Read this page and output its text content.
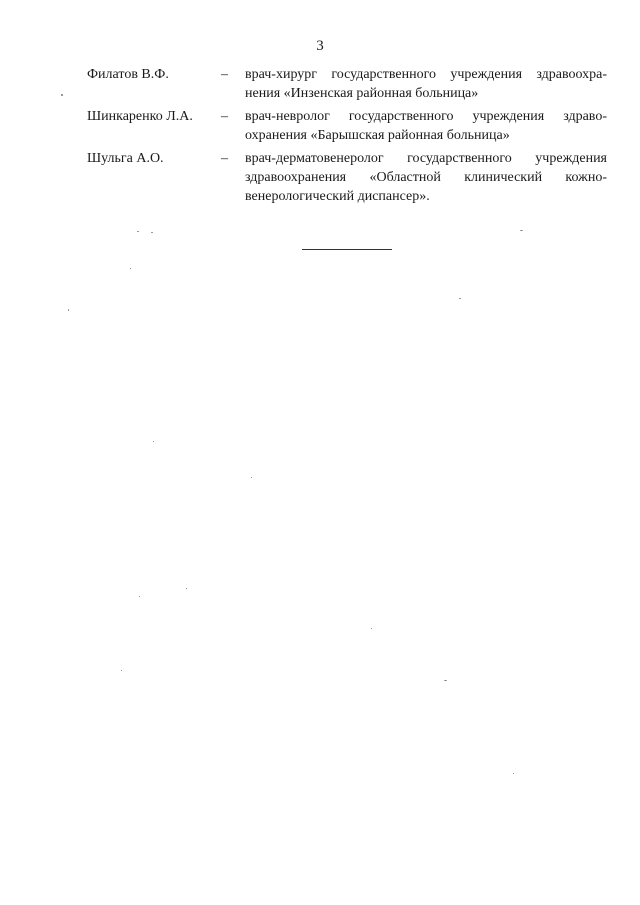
3
Филатов В.Ф.	– врач-хирург государственного учреждения здравоохра-
нения «Инзенская районная больница»
Шинкаренко Л.А. – врач-невролог государственного учреждения здраво-
охранения «Барышская районная больница»
Шульга А.О.	– врач-дерматовенеролог государственного учреждения
здравоохранения «Областной клинический кожно-
венерологический диспансер».
